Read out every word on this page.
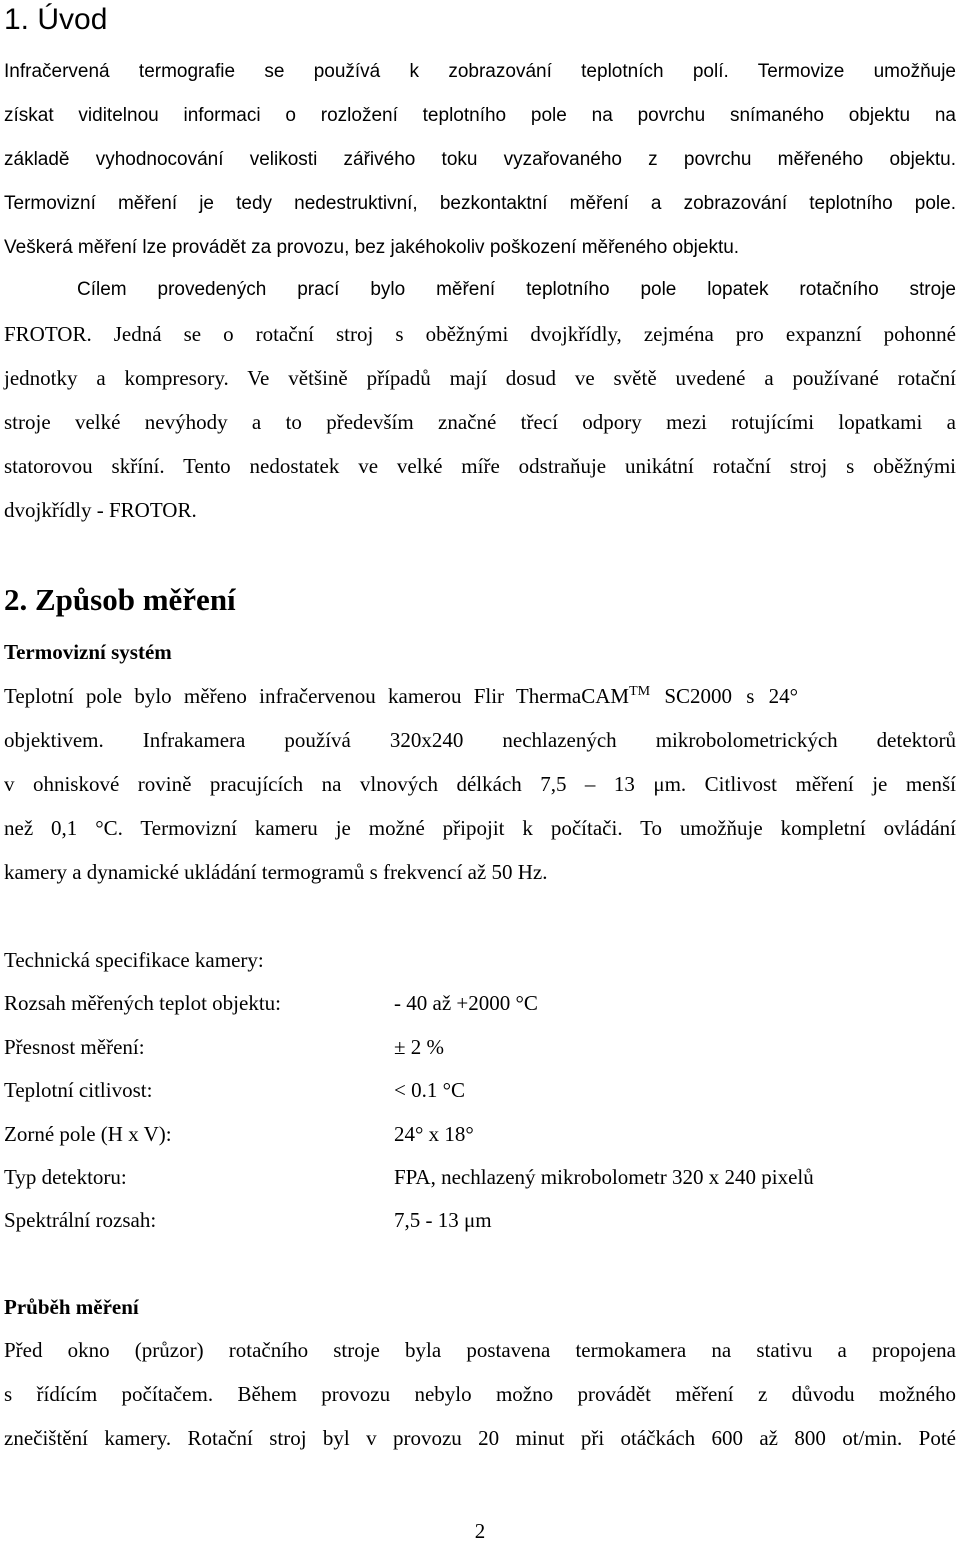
1. Úvod
Infračervená termografie se používá k zobrazování teplotních polí. Termovize umožňuje
získat viditelnou informaci o rozložení teplotního pole na povrchu snímaného objektu na
základě vyhodnocování velikosti zářivého toku vyzařovaného z povrchu měřeného objektu.
Termovizní měření je tedy nedestruktivní, bezkontaktní měření a zobrazování teplotního pole.
Veškerá měření lze provádět za provozu, bez jakéhokoliv poškození měřeného objektu.
Cílem provedených prací bylo měření teplotního pole lopatek rotačního stroje
FROTOR. Jedná se o rotační stroj s oběžnými dvojkřídly, zejména pro expanzní pohonné
jednotky a kompresory. Ve většině případů mají dosud ve světě uvedené a používané rotační
stroje velké nevýhody a to především značné třecí odpory mezi rotujícími lopatkami a
statorovou skříní. Tento nedostatek ve velké míře odstraňuje unikátní rotační stroj s oběžnými
dvojkřídly - FROTOR.
2. Způsob měření
Termovizní systém
Teplotní pole bylo měřeno infračervenou kamerou Flir ThermaCAM™ SC2000 s 24°
objektivem. Infrakamera používá 320x240 nechlazených mikrobolometrických detektorů
v ohniskové rovině pracujících na vlnových délkách 7,5 – 13 μm. Citlivost měření je menší
než 0,1 °C. Termovizní kameru je možné připojit k počítači. To umožňuje kompletní ovládání
kamery a dynamické ukládání termogramů s frekvencí až 50 Hz.
Technická specifikace kamery:
Rozsah měřených teplot objektu:	- 40 až +2000 °C
Přesnost měření:	± 2 %
Teplotní citlivost:	< 0.1 °C
Zorné pole (H x V):	24° x 18°
Typ detektoru:	FPA, nechlazený mikrobolometr 320 x 240 pixelů
Spektrální rozsah:	7,5 - 13 μm
Průběh měření
Před okno (průzor) rotačního stroje byla postavena termokamera na stativu a propojena
s řídícím počítačem. Během provozu nebylo možno provádět měření z důvodu možného
znečištění kamery. Rotační stroj byl v provozu 20 minut při otáčkách 600 až 800 ot/min. Poté
2
